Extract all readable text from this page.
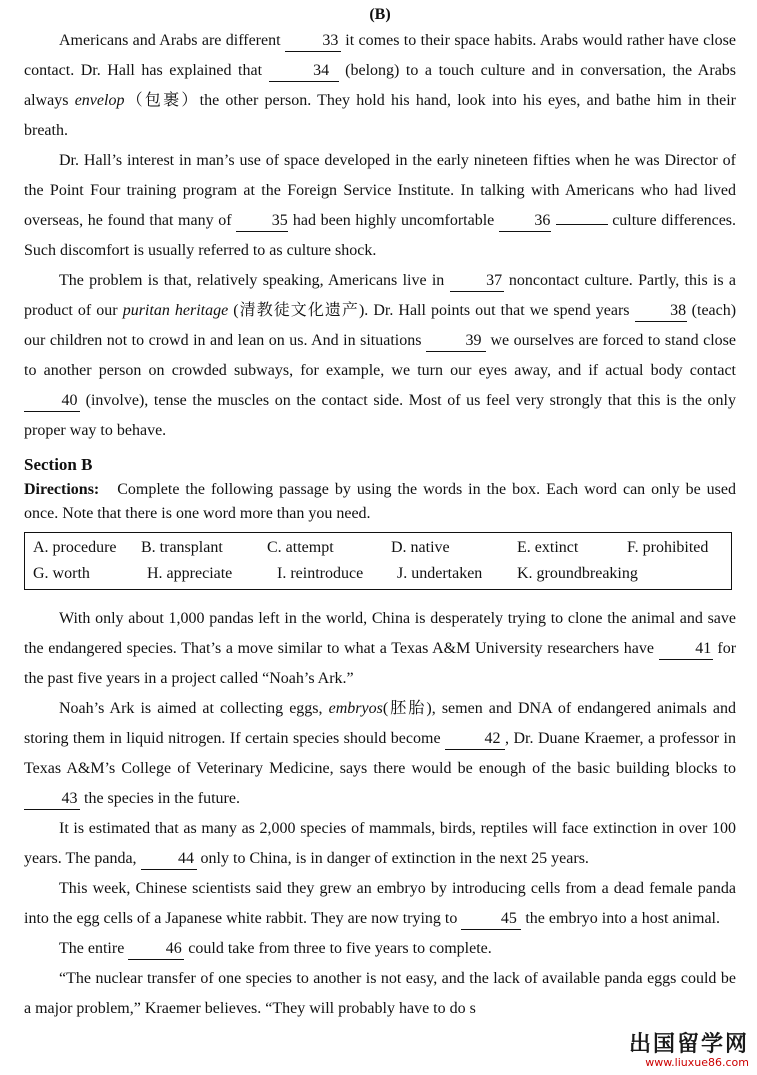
(B)

Americans and Arabs are different	33 it comes to their space habits. Arabs would rather have close contact. Dr. Hall has explained that	34 (belong) to a touch culture and in conversation, the Arabs always envelop（包裹）the other person. They hold his hand, look into his eyes, and bathe him in their breath.

Dr. Hall’s interest in man’s use of space developed in the early nineteen fifties when he was Director of the Point Four training program at the Foreign Service Institute. In talking with Americans who had lived overseas, he found that many of	35 had been highly uncomfortable	36	culture differences. Such discomfort is usually referred to as culture shock.

The problem is that, relatively speaking, Americans live in	37 noncontact culture. Partly, this is a product of our puritan heritage (清教徒文化遗产). Dr. Hall points out that we spend years	38 (teach) our children not to crowd in and lean on us. And in situations	39 we ourselves are forced to stand close to another person on crowded subways, for example, we turn our eyes away, and if actual body contact 40 (involve), tense the muscles on the contact side. Most of us feel very strongly that this is the only proper way to behave.

Section B

Directions: Complete the following passage by using the words in the box. Each word can only be used once. Note that there is one word more than you need.

A. procedure	B. transplant	C. attempt	D. native	E. extinct	F. prohibited
G. worth	H. appreciate	I. reintroduce	J. undertaken	K. groundbreaking

With only about 1,000 pandas left in the world, China is desperately trying to clone the animal and save the endangered species. That’s a move similar to what a Texas A&M University researchers have	41 for the past five years in a project called “Noah’s Ark.”

Noah’s Ark is aimed at collecting eggs, embryos(胚胎), semen and DNA of endangered animals and storing them in liquid nitrogen. If certain species should become	42 , Dr. Duane Kraemer, a professor in Texas A&M’s College of Veterinary Medicine, says there would be enough of the basic building blocks to 43 the species in the future.

It is estimated that as many as 2,000 species of mammals, birds, reptiles will face extinction in over 100 years. The panda,	44 only to China, is in danger of extinction in the next 25 years.

This week, Chinese scientists said they grew an embryo by introducing cells from a dead female panda into the egg cells of a Japanese white rabbit. They are now trying to	45 the embryo into a host animal.

The entire	46 could take from three to five years to complete.

“The nuclear transfer of one species to another is not easy, and the lack of available panda eggs could be a major problem,” Kraemer believes. “They will probably have to do s

出国留学网
www.liuxue86.com
